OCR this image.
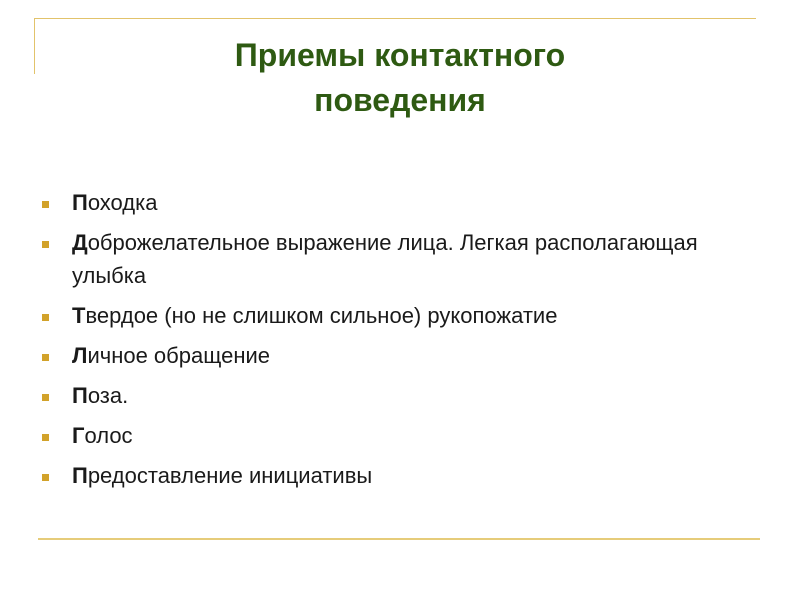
Приемы контактного
поведения
Походка
Доброжелательное выражение лица. Легкая располагающая улыбка
Твердое (но не слишком сильное) рукопожатие
Личное обращение
Поза.
Голос
Предоставление инициативы
